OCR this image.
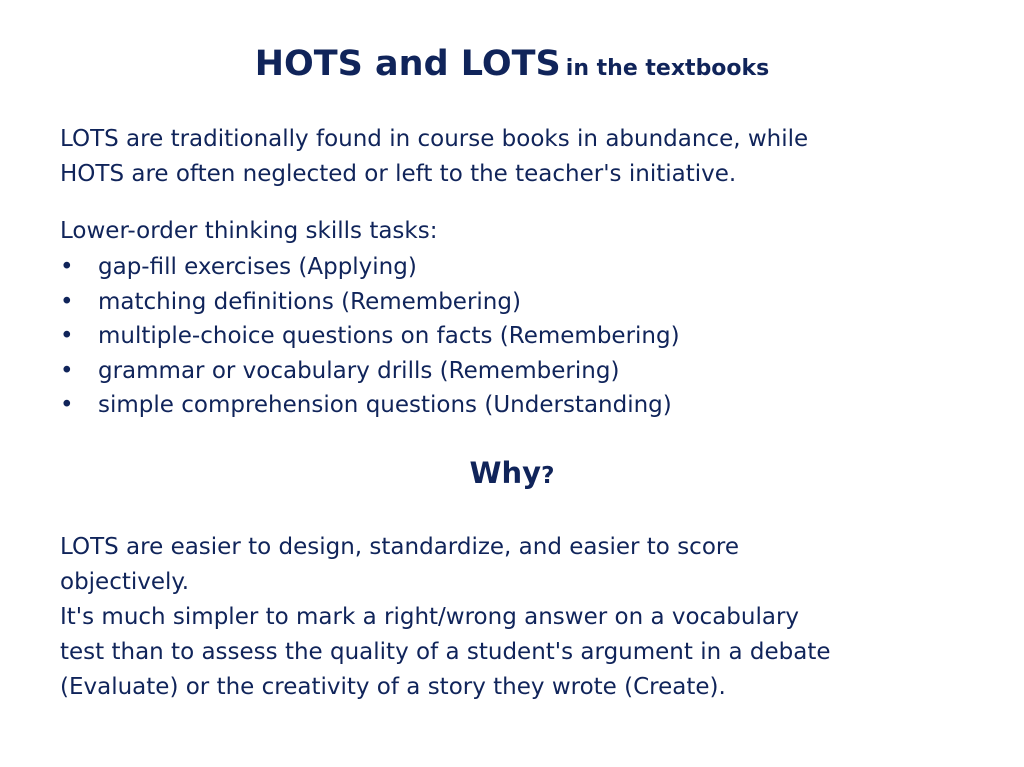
HOTS and LOTS in the textbooks
LOTS are traditionally found in course books in abundance, while
HOTS are often neglected or left to the teacher's initiative.
Lower-order thinking skills tasks:
•	gap-fill exercises (Applying)
•	matching definitions (Remembering)
•	multiple-choice questions on facts (Remembering)
•	grammar or vocabulary drills (Remembering)
•	simple comprehension questions (Understanding)
Why?
LOTS are easier to design, standardize, and easier to score
objectively.
It's much simpler to mark a right/wrong answer on a vocabulary
test than to assess the quality of a student's argument in a debate
(Evaluate) or the creativity of a story they wrote (Create).
